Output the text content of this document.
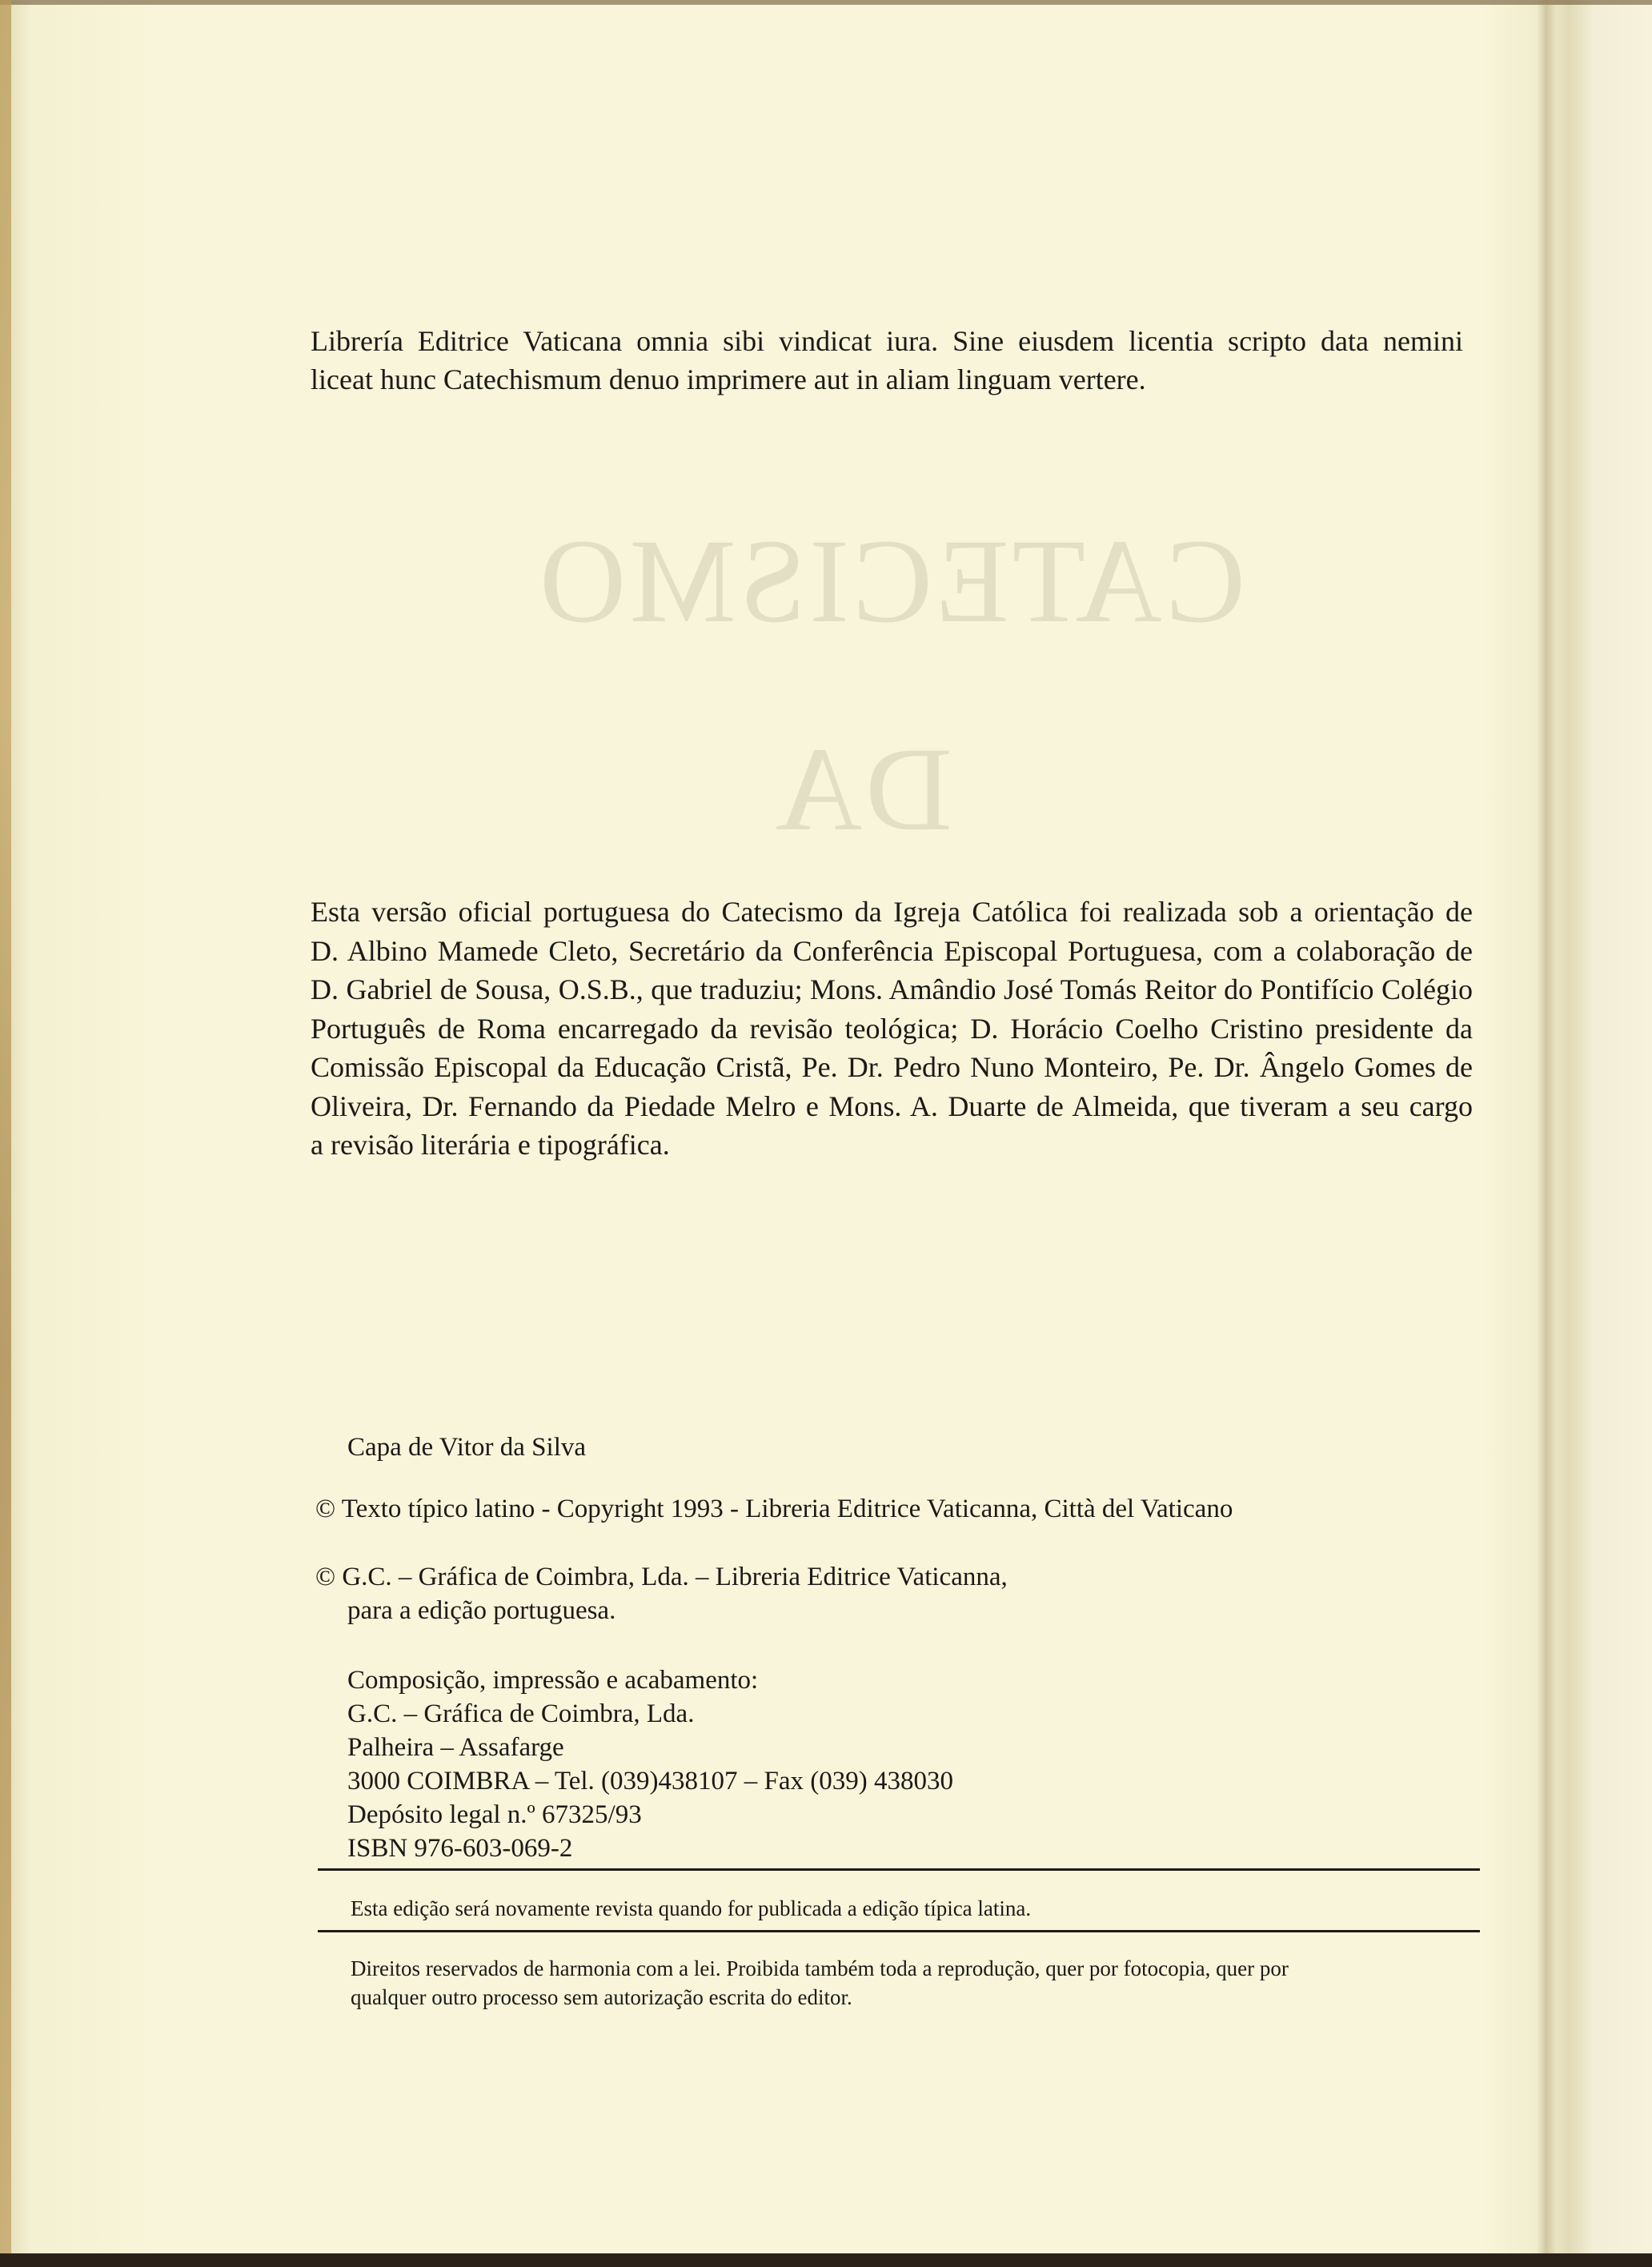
CATECISMO
DA
Librería Editrice Vaticana omnia sibi vindicat iura. Sine eiusdem licentia scripto data nemini
liceat hunc Catechismum denuo imprimere aut in aliam linguam vertere.
Esta versão oficial portuguesa do Catecismo da Igreja Católica foi realizada sob a orientação de
D. Albino Mamede Cleto, Secretário da Conferência Episcopal Portuguesa, com a colaboração de
D. Gabriel de Sousa, O.S.B., que traduziu; Mons. Amândio José Tomás Reitor do Pontifício Colégio
Português de Roma encarregado da revisão teológica; D. Horácio Coelho Cristino presidente da
Comissão Episcopal da Educação Cristã, Pe. Dr. Pedro Nuno Monteiro, Pe. Dr. Ângelo Gomes de
Oliveira, Dr. Fernando da Piedade Melro e Mons. A. Duarte de Almeida, que tiveram a seu cargo
a revisão literária e tipográfica.
Capa de Vitor da Silva
© Texto típico latino - Copyright 1993 - Libreria Editrice Vaticanna, Città del Vaticano
© G.C. – Gráfica de Coimbra, Lda. – Libreria Editrice Vaticanna,
para a edição portuguesa.
Composição, impressão e acabamento:
G.C. – Gráfica de Coimbra, Lda.
Palheira – Assafarge
3000 COIMBRA – Tel. (039)438107 – Fax (039) 438030
Depósito legal n.º 67325/93
ISBN 976-603-069-2
Esta edição será novamente revista quando for publicada a edição típica latina.
Direitos reservados de harmonia com a lei. Proibida também toda a reprodução, quer por fotocopia, quer por
qualquer outro processo sem autorização escrita do editor.
